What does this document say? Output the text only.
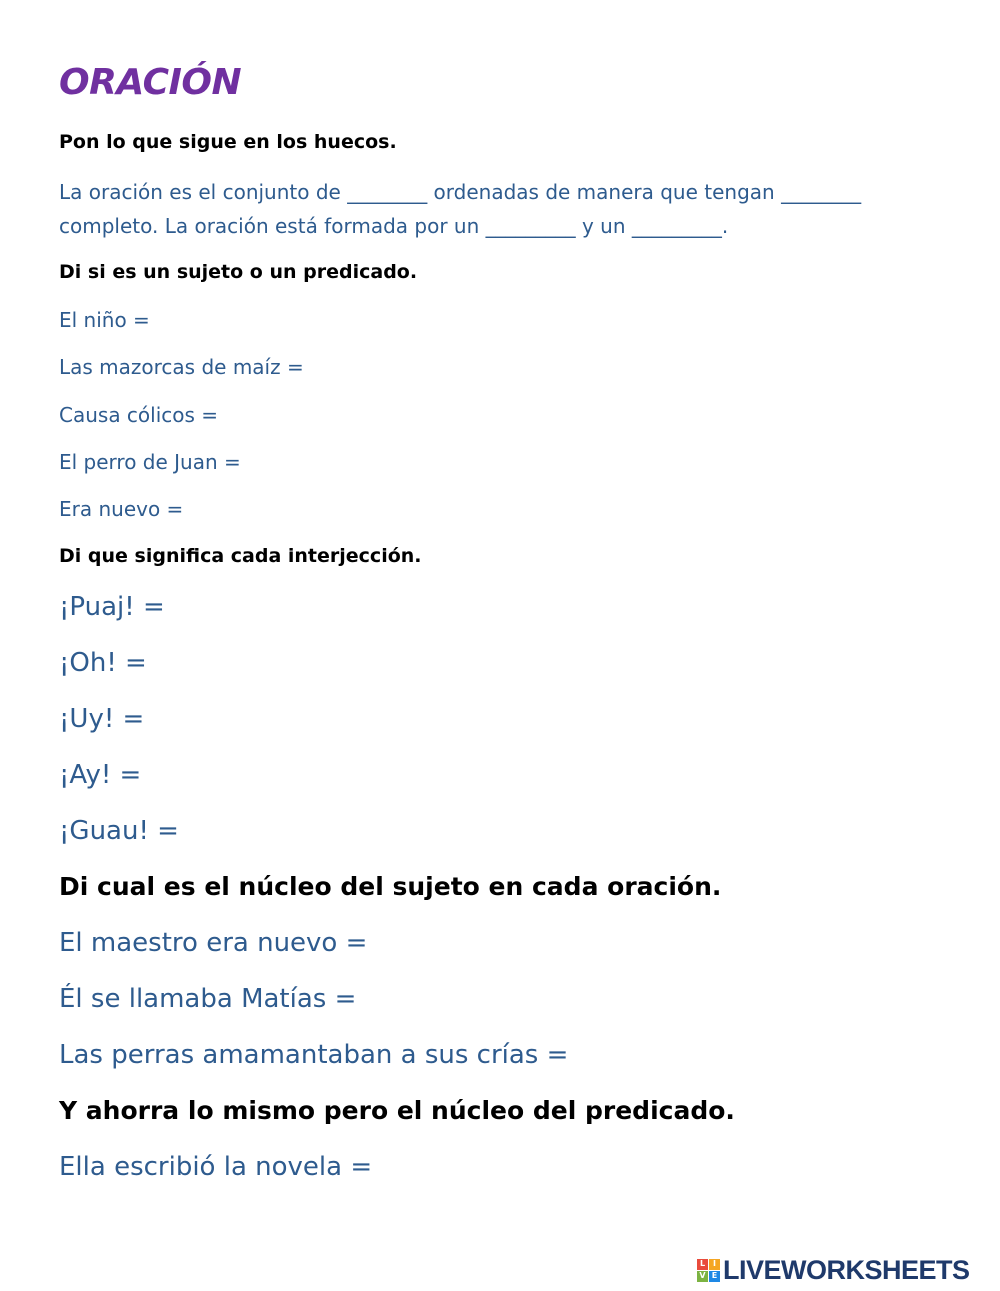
ORACIÓN

Pon lo que sigue en los huecos.

La oración es el conjunto de ________ ordenadas de manera que tengan ________

completo. La oración está formada por un _________ y un _________.

Di si es un sujeto o un predicado.

El niño =

Las mazorcas de maíz =

Causa cólicos =

El perro de Juan =

Era nuevo =

Di que significa cada interjección.

¡Puaj! =

¡Oh! =

¡Uy! =

¡Ay! =

¡Guau! =

Di cual es el núcleo del sujeto en cada oración.

El maestro era nuevo =

Él se llamaba Matías =

Las perras amamantaban a sus crías =

Y ahorra lo mismo pero el núcleo del predicado.

Ella escribió la novela =

L I
V E LIVEWORKSHEETS
